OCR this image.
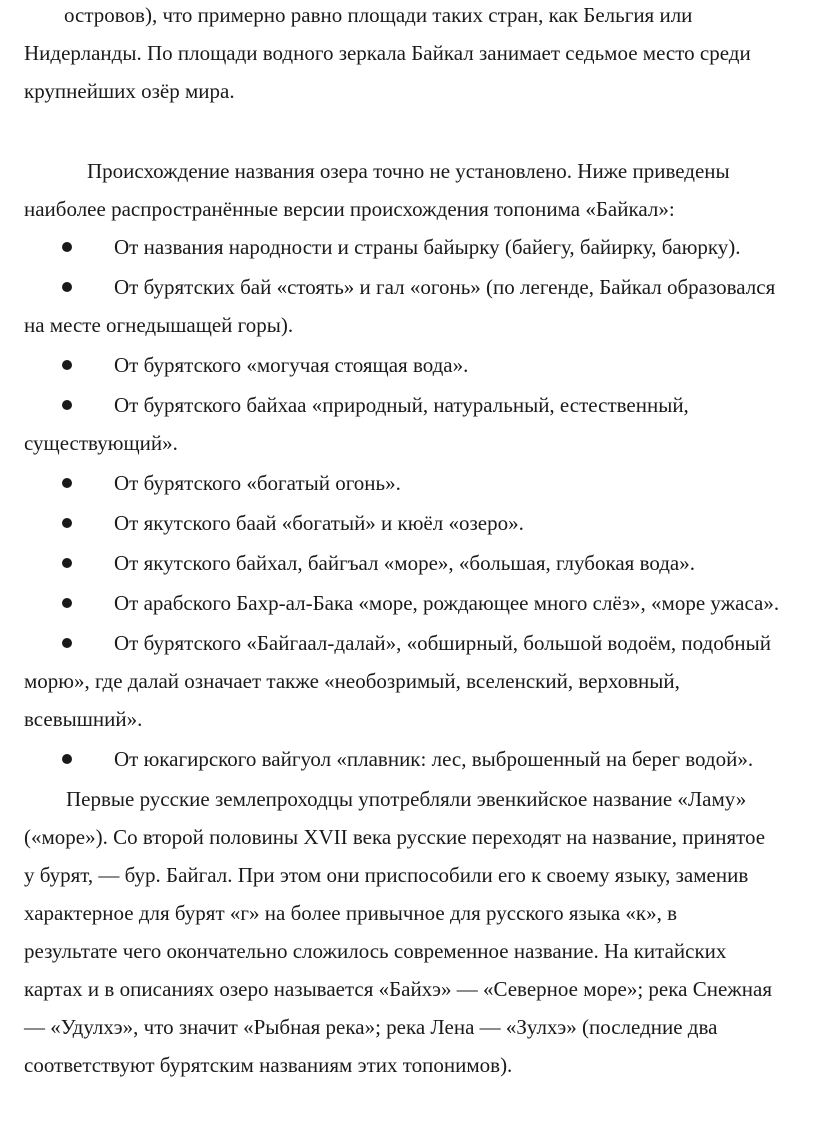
островов), что примерно равно площади таких стран, как Бельгия или
Нидерланды. По площади водного зеркала Байкал занимает седьмое место среди
крупнейших озёр мира.
Происхождение названия озера точно не установлено. Ниже приведены
наиболее распространённые версии происхождения топонима «Байкал»:
От названия народности и страны байырку (байегу, байирку, баюрку).
От бурятских бай «стоять» и гал «огонь» (по легенде, Байкал образовался
на месте огнедышащей горы).
От бурятского «могучая стоящая вода».
От бурятского байхаа «природный, натуральный, естественный,
существующий».
От бурятского «богатый огонь».
От якутского баай «богатый» и кюёл «озеро».
От якутского байхал, байгъал «море», «большая, глубокая вода».
От арабского Бахр-ал-Бака «море, рождающее много слёз», «море ужаса».
От бурятского «Байгаал-далай», «обширный, большой водоём, подобный
морю», где далай означает также «необозримый, вселенский, верховный,
всевышний».
От юкагирского вайгуол «плавник: лес, выброшенный на берег водой».
Первые русские землепроходцы употребляли эвенкийское название «Ламу»
(«море»). Со второй половины XVII века русские переходят на название, принятое
у бурят, — бур. Байгал. При этом они приспособили его к своему языку, заменив
характерное для бурят «г» на более привычное для русского языка «к», в
результате чего окончательно сложилось современное название. На китайских
картах и в описаниях озеро называется «Байхэ» — «Северное море»; река Снежная
— «Удулхэ», что значит «Рыбная река»; река Лена — «Зулхэ» (последние два
соответствуют бурятским названиям этих топонимов).
